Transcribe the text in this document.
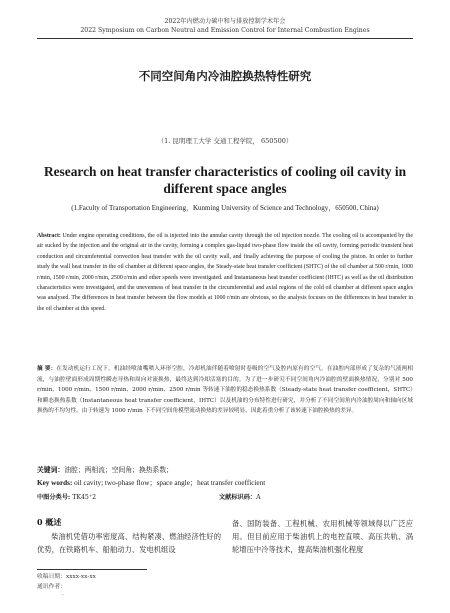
2022年内燃动力碳中和与排放控制学术年会
2022 Symposium on Carbon Neutral and Emission Control for Internal Combustion Engines
不同空间角内冷油腔换热特性研究
（1. 昆明理工大学 交通工程学院， 650500）
Research on heat transfer characteristics of cooling oil cavity in different space angles
(1.Faculty of Transportation Engineering，Kunming University of Science and Technology，650500, China)
Abstract: Under engine operating conditions, the oil is injected into the annular cavity through the oil injection nozzle. The cooling oil is accompanied by the air sucked by the injection and the original air in the cavity, forming a complex gas-liquid two-phase flow inside the oil cavity, forming periodic transient heat conduction and circumferential convection heat transfer with the oil cavity wall, and finally achieving the purpose of cooling the piston. In order to further study the wall heat transfer in the oil chamber at different space angles, the Steady-state heat transfer coefficient (SHTC) of the oil chamber at 500 r/min, 1000 r/min, 1500 r/min, 2000 r/min, 2500 r/min and other speeds were investigated. and Instantaneous heat transfer coefficient (IHTC) as well as the oil distribution characteristics were investigated, and the unevenness of heat transfer in the circumferential and axial regions of the cold oil chamber at different space angles was analysed. The differences in heat transfer between the flow models at 1000 r/min are obvious, so the analysis focuses on the differences in heat transfer in the oil chamber at this speed.
摘 要：在发动机运行工况下，机油经喷油嘴喷入环形空腔，冷却机油伴随着喷射时卷吸的空气及腔内原有的空气，在油腔内部形成了复杂的气液两相流，与油腔壁面形成周期性瞬态导热和周向对流换热，最终达到冷却活塞的目的。为了进一步研究不同空间角内冷油腔的壁面换热情况，分别对 500 r/min、1000 r/min、1500 r/min、2000 r/min、2500 r/min 等转速下油腔的稳态换热系数（Steady-state heat transfer coefficient，SHTC）和瞬态换热系数（Instantaneous heat transfer coefficient，IHTC）以及机油的分布特性进行研究，并分析了不同空间角内冷油腔周向和轴向区域换热的不均匀性。由于转速为 1000 r/min 下不同空间角模型流动换热的差异较明显，因此着重分析了该转速下油腔换热的差异。
关键词：油腔；两相流；空间角；换热系数；
Key words: oil cavity; two-phase flow；space angle；heat transfer coefficient
中图分类号: TK45⁺2	文献标识码：A
0 概述
柴油机凭借功率密度高、结构紧凑、燃油经济性好的优势，在铁路机车、船舶动力、发电机组设
备、国防装备、工程机械、农用机械等领域得以广泛应用。但目前应用于柴油机上的电控直喷、高压共轨、涡轮增压中冷等技术，提高柴油机强化程度
收稿日期：xxxx-xx-xx
通讯作者：
·
